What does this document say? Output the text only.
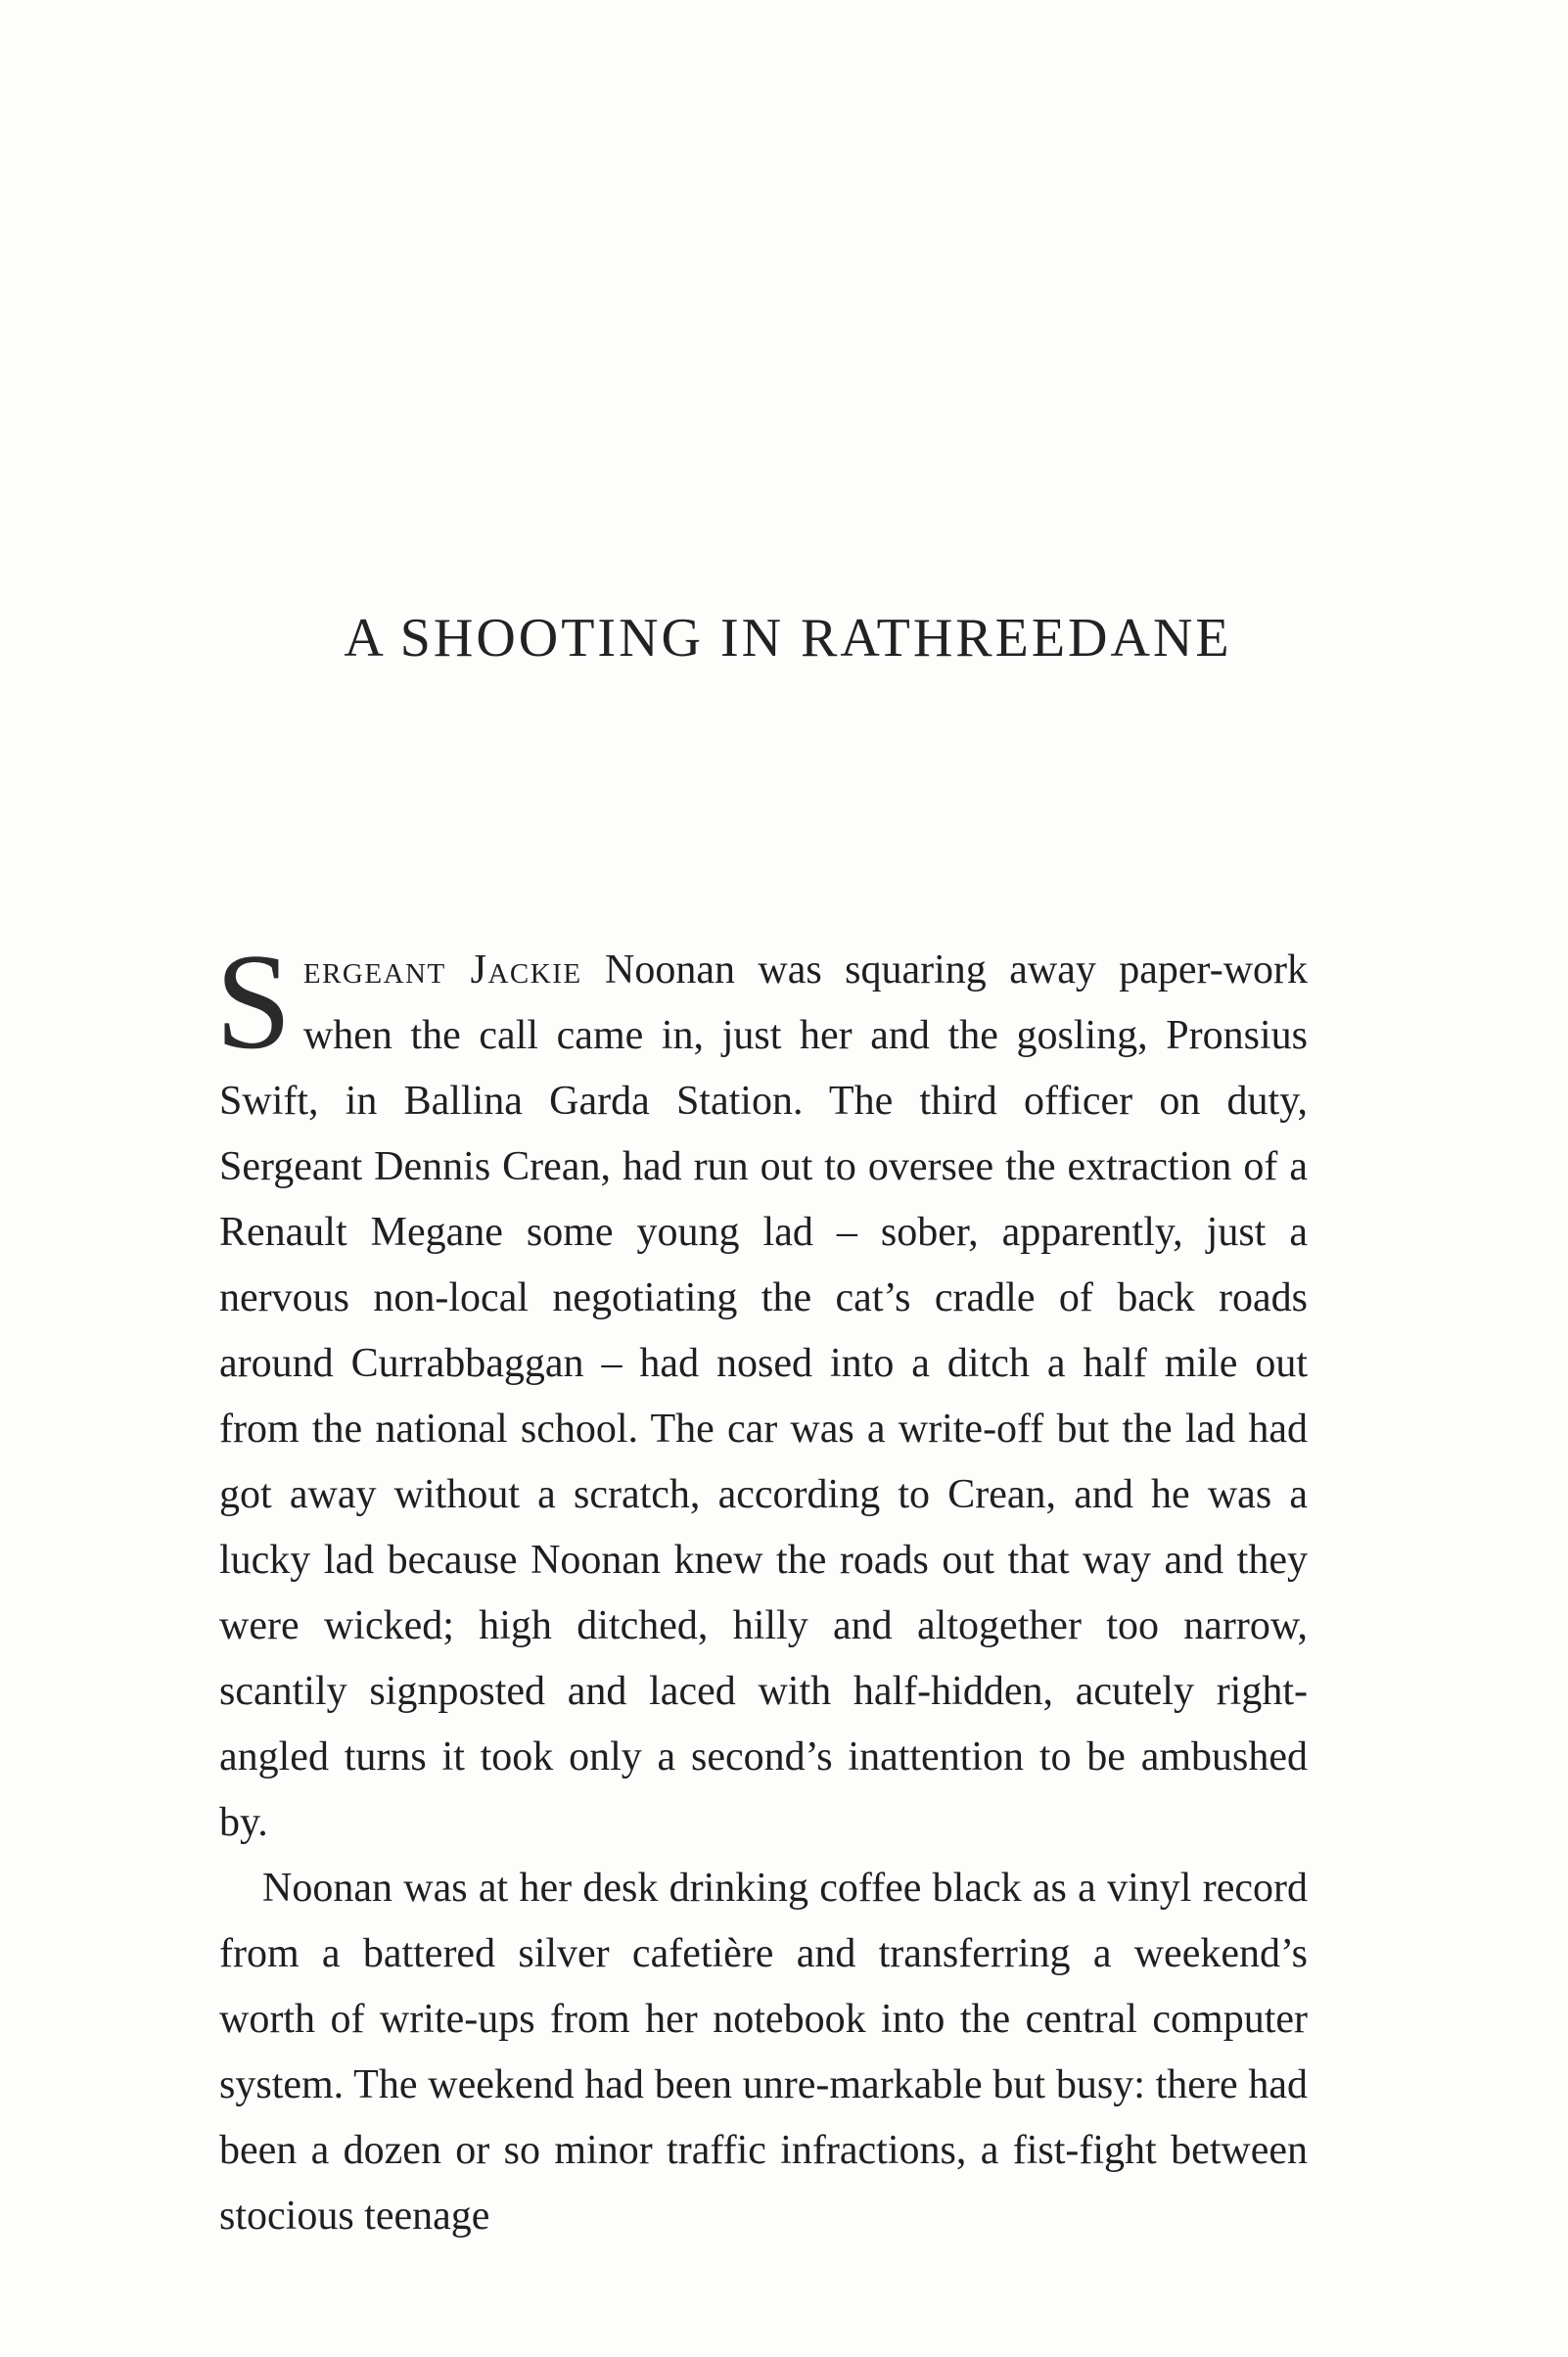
A SHOOTING IN RATHREEDANE

Sergeant Jackie Noonan was squaring away paper-work when the call came in, just her and the gosling, Pronsius Swift, in Ballina Garda Station. The third officer on duty, Sergeant Dennis Crean, had run out to oversee the extraction of a Renault Megane some young lad – sober, apparently, just a nervous non-local negotiating the cat’s cradle of back roads around Currabbaggan – had nosed into a ditch a half mile out from the national school. The car was a write-off but the lad had got away without a scratch, according to Crean, and he was a lucky lad because Noonan knew the roads out that way and they were wicked; high ditched, hilly and altogether too narrow, scantily signposted and laced with half-hidden, acutely right-angled turns it took only a second’s inattention to be ambushed by.

Noonan was at her desk drinking coffee black as a vinyl record from a battered silver cafetière and transferring a weekend’s worth of write-ups from her notebook into the central computer system. The weekend had been unre-markable but busy: there had been a dozen or so minor traffic infractions, a fist-fight between stocious teenage
